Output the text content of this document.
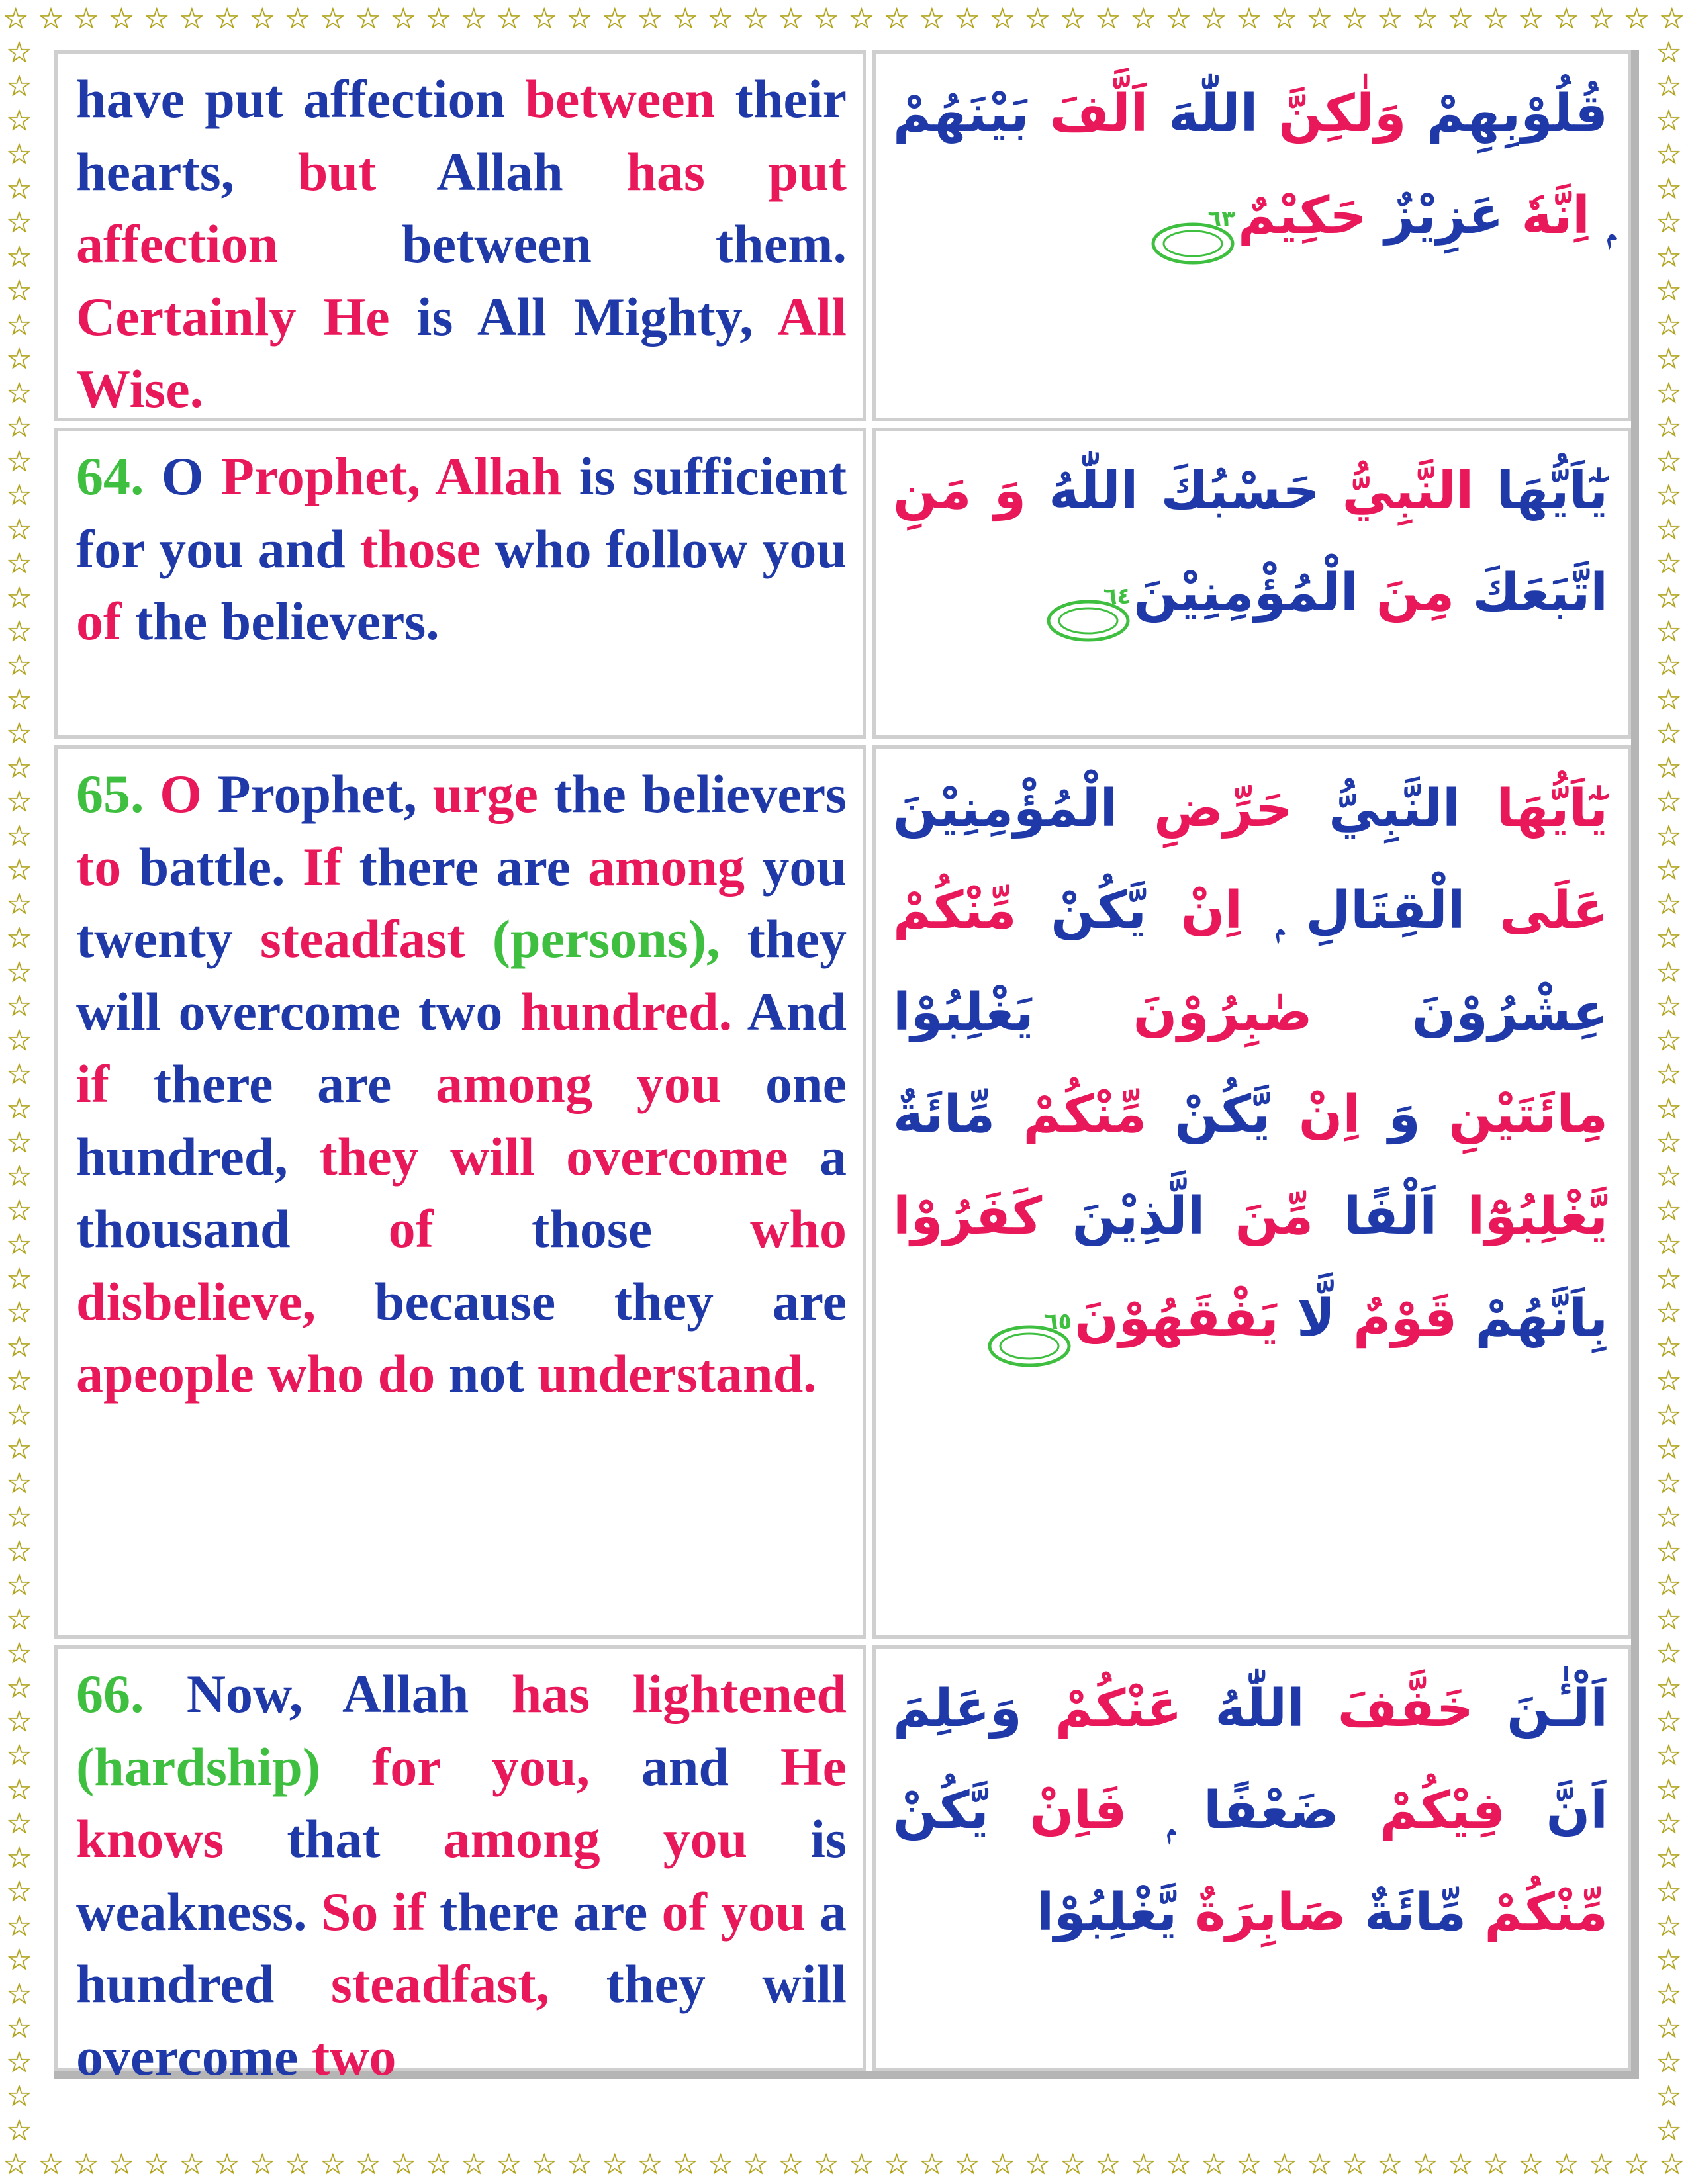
☆ ☆ ☆ ☆ ☆ ☆ ☆ ☆ ☆ ☆ ☆ ☆ ☆ ☆ ☆ ☆ ☆ ☆ ☆ ☆ ☆ ☆ ☆ ☆ ☆ ☆ ☆ ☆ ☆ ☆ ☆ ☆ ☆ ☆ ☆ ☆ ☆ ☆ ☆ ☆ ☆ ☆ ☆ ☆ ☆ ☆ ☆ ☆
☆ ☆ ☆ ☆ ☆ ☆ ☆ ☆ ☆ ☆ ☆ ☆ ☆ ☆ ☆ ☆ ☆ ☆ ☆ ☆ ☆ ☆ ☆ ☆ ☆ ☆ ☆ ☆ ☆ ☆ ☆ ☆ ☆ ☆ ☆ ☆ ☆ ☆ ☆ ☆ ☆ ☆ ☆ ☆ ☆ ☆ ☆ ☆
☆
☆
☆
☆
☆
☆
☆
☆
☆
☆
☆
☆
☆
☆
☆
☆
☆
☆
☆
☆
☆
☆
☆
☆
☆
☆
☆
☆
☆
☆
☆
☆
☆
☆
☆
☆
☆
☆
☆
☆
☆
☆
☆
☆
☆
☆
☆
☆
☆
☆
☆
☆
☆
☆
☆
☆
☆
☆
☆
☆
☆
☆
☆
☆
☆
☆
☆
☆
☆
☆
☆
☆
☆
☆
☆
☆
☆
☆
☆
☆
☆
☆
☆
☆
☆
☆
☆
☆
☆
☆
☆
☆
☆
☆
☆
☆
☆
☆
☆
☆
☆
☆
☆
☆
☆
☆
☆
☆
☆
☆
☆
☆
☆
☆
☆
☆
☆
☆
☆
☆
☆
☆
☆
☆
have put affection between their hearts, but Allah has put affection between them. Certainly He is All Mighty, All Wise.
قُلُوْبِهِمْ وَلٰكِنَّ اللّٰهَ اَلَّفَ بَيْنَهُمْ ۭ اِنَّهٗ عَزِيْزٌ حَكِيْمٌ
٦٣
64. O Prophet, Allah is sufficient for you and those who follow you of the believers.
يٰٓاَيُّهَا النَّبِيُّ حَسْبُكَ اللّٰهُ وَ مَنِ اتَّبَعَكَ مِنَ الْمُؤْمِنِيْنَ
٦٤
65. O Prophet, urge the believers to battle. If there are among you twenty steadfast (persons), they will overcome two hundred. And if there are among you one hundred, they will overcome a thousand of those who disbelieve, because they are apeople who do not understand.
يٰٓاَيُّهَا النَّبِيُّ حَرِّضِ الْمُؤْمِنِيْنَ عَلَى الْقِتَالِ ۭ اِنْ يَّكُنْ مِّنْكُمْ عِشْرُوْنَ صٰبِرُوْنَ يَغْلِبُوْا مِائَتَيْنِ وَ اِنْ يَّكُنْ مِّنْكُمْ مِّائَةٌ يَّغْلِبُوْٓا اَلْفًا مِّنَ الَّذِيْنَ كَفَرُوْا بِاَنَّهُمْ قَوْمٌ لَّا يَفْقَهُوْنَ
٦٥
66. Now, Allah has lightened (hardship) for you, and He knows that among you is weakness. So if there are of you a hundred steadfast, they will overcome two
اَلْـٰٔنَ خَفَّفَ اللّٰهُ عَنْكُمْ وَعَلِمَ اَنَّ فِيْكُمْ ضَعْفًا ۭ فَاِنْ يَّكُنْ مِّنْكُمْ مِّائَةٌ صَابِرَةٌ يَّغْلِبُوْا
